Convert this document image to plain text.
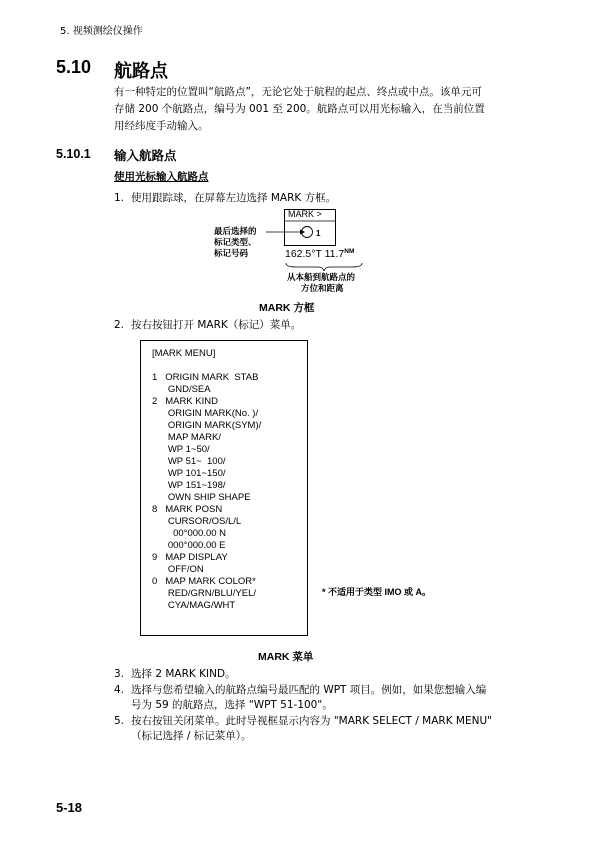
5. 视频测绘仪操作
5.10 航路点
有一种特定的位置叫“航路点”，无论它处于航程的起点、终点或中点。该单元可
存储 200 个航路点，编号为 001 至 200。航路点可以用光标输入，在当前位置
用经纬度手动输入。
5.10.1 输入航路点
使用光标输入航路点
1. 使用跟踪球，在屏幕左边选择 MARK 方框。
MARK >
1
最后选择的
标记类型、
标记号码	162.5°T $11.7^{NM}$
从本船到航路点的
方位和距离
MARK 方框
2. 按右按钮打开 MARK（标记）菜单。
[MARK MENU]
1   ORIGIN MARK  STAB
GND/SEA
2   MARK KIND
ORIGIN MARK(No. )/
ORIGIN MARK(SYM)/
MAP MARK/
WP 1~50/
WP 51~  100/
WP 101~150/
WP 151~198/
OWN SHIP SHAPE
8   MARK POSN
CURSOR/OS/L/L
00°000.00 N
000°000.00 E
9   MAP DISPLAY
OFF/ON
0   MAP MARK COLOR*
RED/GRN/BLU/YEL/
CYA/MAG/WHT
* 不适用于类型 IMO 或 A。
MARK 菜单
3. 选择 2 MARK KIND。
4. 选择与您希望输入的航路点编号最匹配的 WPT 项目。例如，如果您想输入编
号为 59 的航路点，选择 "WPT 51-100"。
5. 按右按钮关闭菜单。此时导视框显示内容为 "MARK SELECT / MARK MENU"
（标记选择 / 标记菜单）。
5-18
